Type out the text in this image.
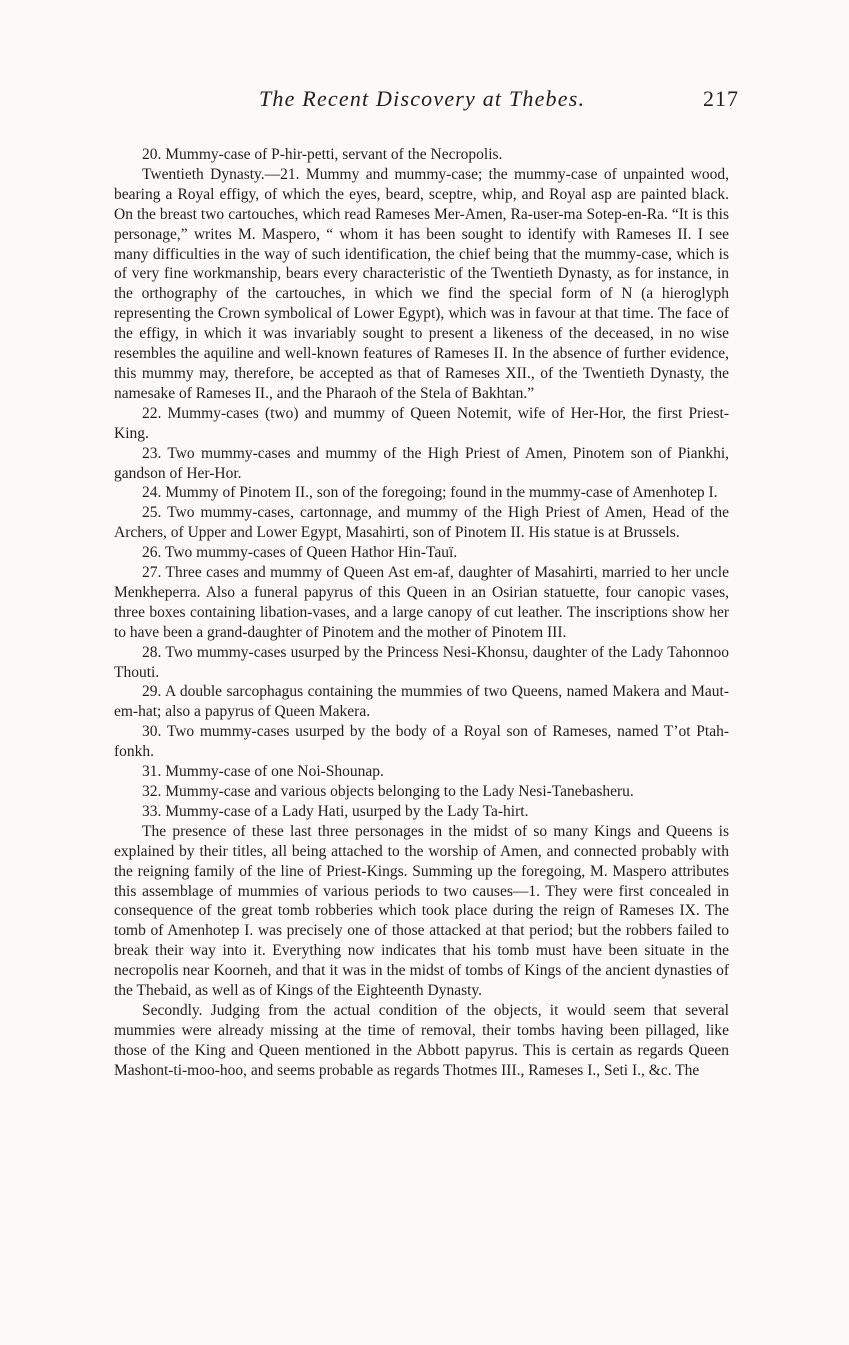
The Recent Discovery at Thebes.	217

20. Mummy-case of P-hir-petti, servant of the Necropolis.

Twentieth Dynasty.—21. Mummy and mummy-case; the mummy-case of unpainted wood, bearing a Royal effigy, of which the eyes, beard, sceptre, whip, and Royal asp are painted black. On the breast two cartouches, which read Rameses Mer-Amen, Ra-user-ma Sotep-en-Ra. “It is this personage,” writes M. Maspero, “ whom it has been sought to identify with Rameses II. I see many difficulties in the way of such identification, the chief being that the mummy-case, which is of very fine workmanship, bears every characteristic of the Twentieth Dynasty, as for instance, in the orthography of the cartouches, in which we find the special form of N (a hieroglyph representing the Crown symbolical of Lower Egypt), which was in favour at that time. The face of the effigy, in which it was invariably sought to present a likeness of the deceased, in no wise resembles the aquiline and well-known features of Rameses II. In the absence of further evidence, this mummy may, therefore, be accepted as that of Rameses XII., of the Twentieth Dynasty, the namesake of Rameses II., and the Pharaoh of the Stela of Bakhtan.”

22. Mummy-cases (two) and mummy of Queen Notemit, wife of Her-Hor, the first Priest-King.

23. Two mummy-cases and mummy of the High Priest of Amen, Pinotem son of Piankhi, gandson of Her-Hor.

24. Mummy of Pinotem II., son of the foregoing; found in the mummy-case of Amenhotep I.

25. Two mummy-cases, cartonnage, and mummy of the High Priest of Amen, Head of the Archers, of Upper and Lower Egypt, Masahirti, son of Pinotem II. His statue is at Brussels.

26. Two mummy-cases of Queen Hathor Hin-Tauï.

27. Three cases and mummy of Queen Ast em-af, daughter of Masahirti, married to her uncle Menkheperra. Also a funeral papyrus of this Queen in an Osirian statuette, four canopic vases, three boxes containing libation-vases, and a large canopy of cut leather. The inscriptions show her to have been a grand-daughter of Pinotem and the mother of Pinotem III.

28. Two mummy-cases usurped by the Princess Nesi-Khonsu, daughter of the Lady Tahonnoo Thouti.

29. A double sarcophagus containing the mummies of two Queens, named Makera and Maut-em-hat; also a papyrus of Queen Makera.

30. Two mummy-cases usurped by the body of a Royal son of Rameses, named T’ot Ptah-fonkh.

31. Mummy-case of one Noi-Shounap.

32. Mummy-case and various objects belonging to the Lady Nesi-Tanebasheru.

33. Mummy-case of a Lady Hati, usurped by the Lady Ta-hirt.

The presence of these last three personages in the midst of so many Kings and Queens is explained by their titles, all being attached to the worship of Amen, and connected probably with the reigning family of the line of Priest-Kings. Summing up the foregoing, M. Maspero attributes this assemblage of mummies of various periods to two causes—1. They were first concealed in consequence of the great tomb robberies which took place during the reign of Rameses IX. The tomb of Amenhotep I. was precisely one of those attacked at that period; but the robbers failed to break their way into it. Everything now indicates that his tomb must have been situate in the necropolis near Koorneh, and that it was in the midst of tombs of Kings of the ancient dynasties of the Thebaid, as well as of Kings of the Eighteenth Dynasty.

Secondly. Judging from the actual condition of the objects, it would seem that several mummies were already missing at the time of removal, their tombs having been pillaged, like those of the King and Queen mentioned in the Abbott papyrus. This is certain as regards Queen Mashont-ti-moo-hoo, and seems probable as regards Thotmes III., Rameses I., Seti I., &c. The
